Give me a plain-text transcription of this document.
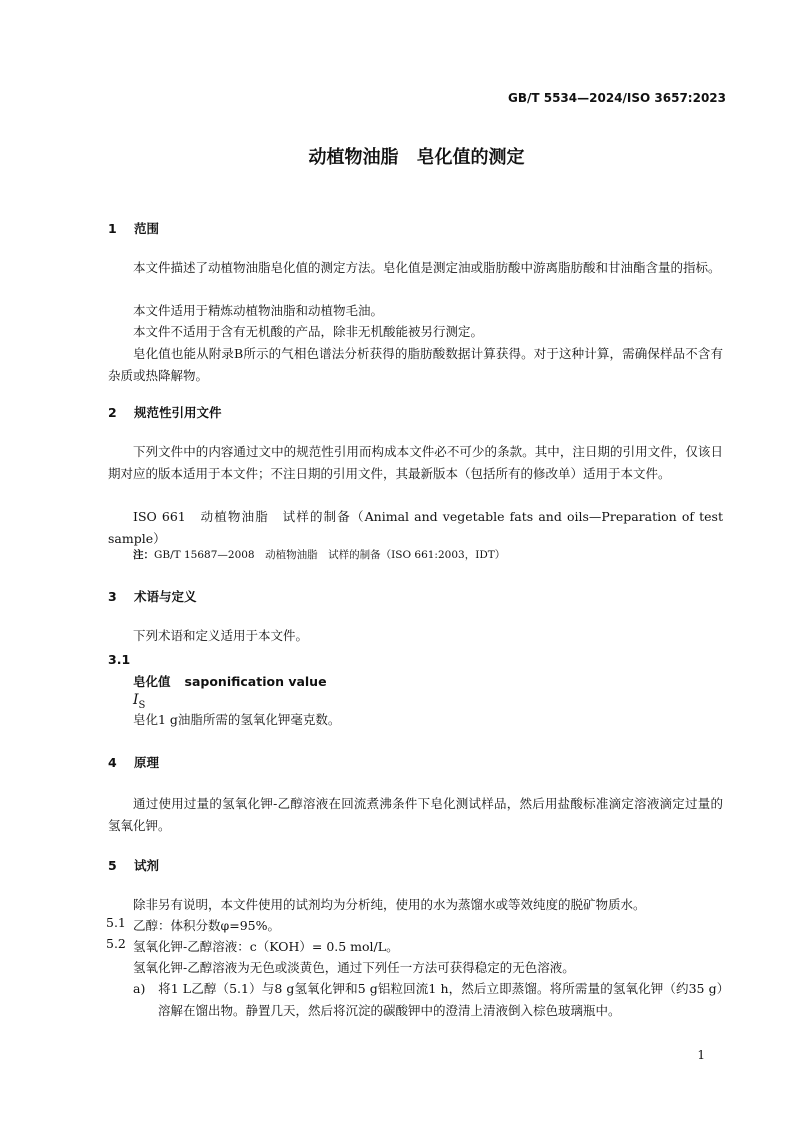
GB/T 5534—2024/ISO 3657:2023
动植物油脂　皂化值的测定
1 范围
本文件描述了动植物油脂皂化值的测定方法。皂化值是测定油或脂肪酸中游离脂肪酸和甘油酯含量的指标。
本文件适用于精炼动植物油脂和动植物毛油。
本文件不适用于含有无机酸的产品，除非无机酸能被另行测定。
皂化值也能从附录B所示的气相色谱法分析获得的脂肪酸数据计算获得。对于这种计算，需确保样品不含有杂质或热降解物。
2 规范性引用文件
下列文件中的内容通过文中的规范性引用而构成本文件必不可少的条款。其中，注日期的引用文件，仅该日期对应的版本适用于本文件；不注日期的引用文件，其最新版本（包括所有的修改单）适用于本文件。
ISO 661　动植物油脂　试样的制备（Animal and vegetable fats and oils—Preparation of test sample）
注：GB/T 15687—2008　动植物油脂　试样的制备（ISO 661:2003，IDT）
3 术语与定义
下列术语和定义适用于本文件。
3.1
皂化值 saponification value
$I_S$
皂化1 g油脂所需的氢氧化钾毫克数。
4 原理
通过使用过量的氢氧化钾-乙醇溶液在回流煮沸条件下皂化测试样品，然后用盐酸标准滴定溶液滴定过量的氢氧化钾。
5 试剂
除非另有说明，本文件使用的试剂均为分析纯，使用的水为蒸馏水或等效纯度的脱矿物质水。
5.1 乙醇：体积分数φ=95%。
5.2 氢氧化钾-乙醇溶液：c（KOH）= 0.5 mol/L。
氢氧化钾-乙醇溶液为无色或淡黄色，通过下列任一方法可获得稳定的无色溶液。
a)　将1 L乙醇（5.1）与8 g氢氧化钾和5 g铝粒回流1 h，然后立即蒸馏。将所需量的氢氧化钾（约35 g）溶解在馏出物。静置几天，然后将沉淀的碳酸钾中的澄清上清液倒入棕色玻璃瓶中。
1
